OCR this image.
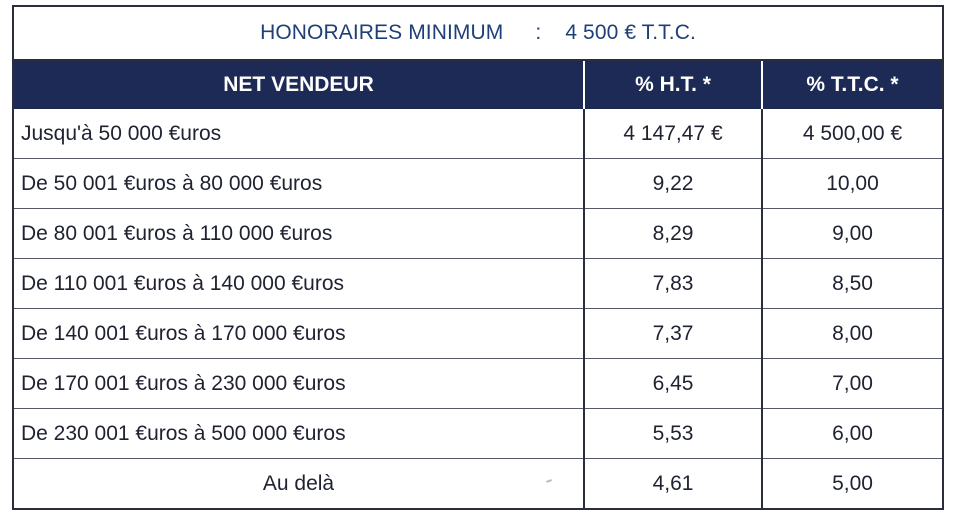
HONORAIRES MINIMUM : 4 500 € T.T.C.
NET VENDEUR	% H.T. *	% T.T.C. *
Jusqu'à 50 000 €uros	4 147,47 €	4 500,00 €
De 50 001 €uros à 80 000 €uros	9,22	10,00
De 80 001 €uros à 110 000 €uros	8,29	9,00
De 110 001 €uros à 140 000 €uros	7,83	8,50
De 140 001 €uros à 170 000 €uros	7,37	8,00
De 170 001 €uros à 230 000 €uros	6,45	7,00
De 230 001 €uros à 500 000 €uros	5,53	6,00
Au delà	4,61	5,00
